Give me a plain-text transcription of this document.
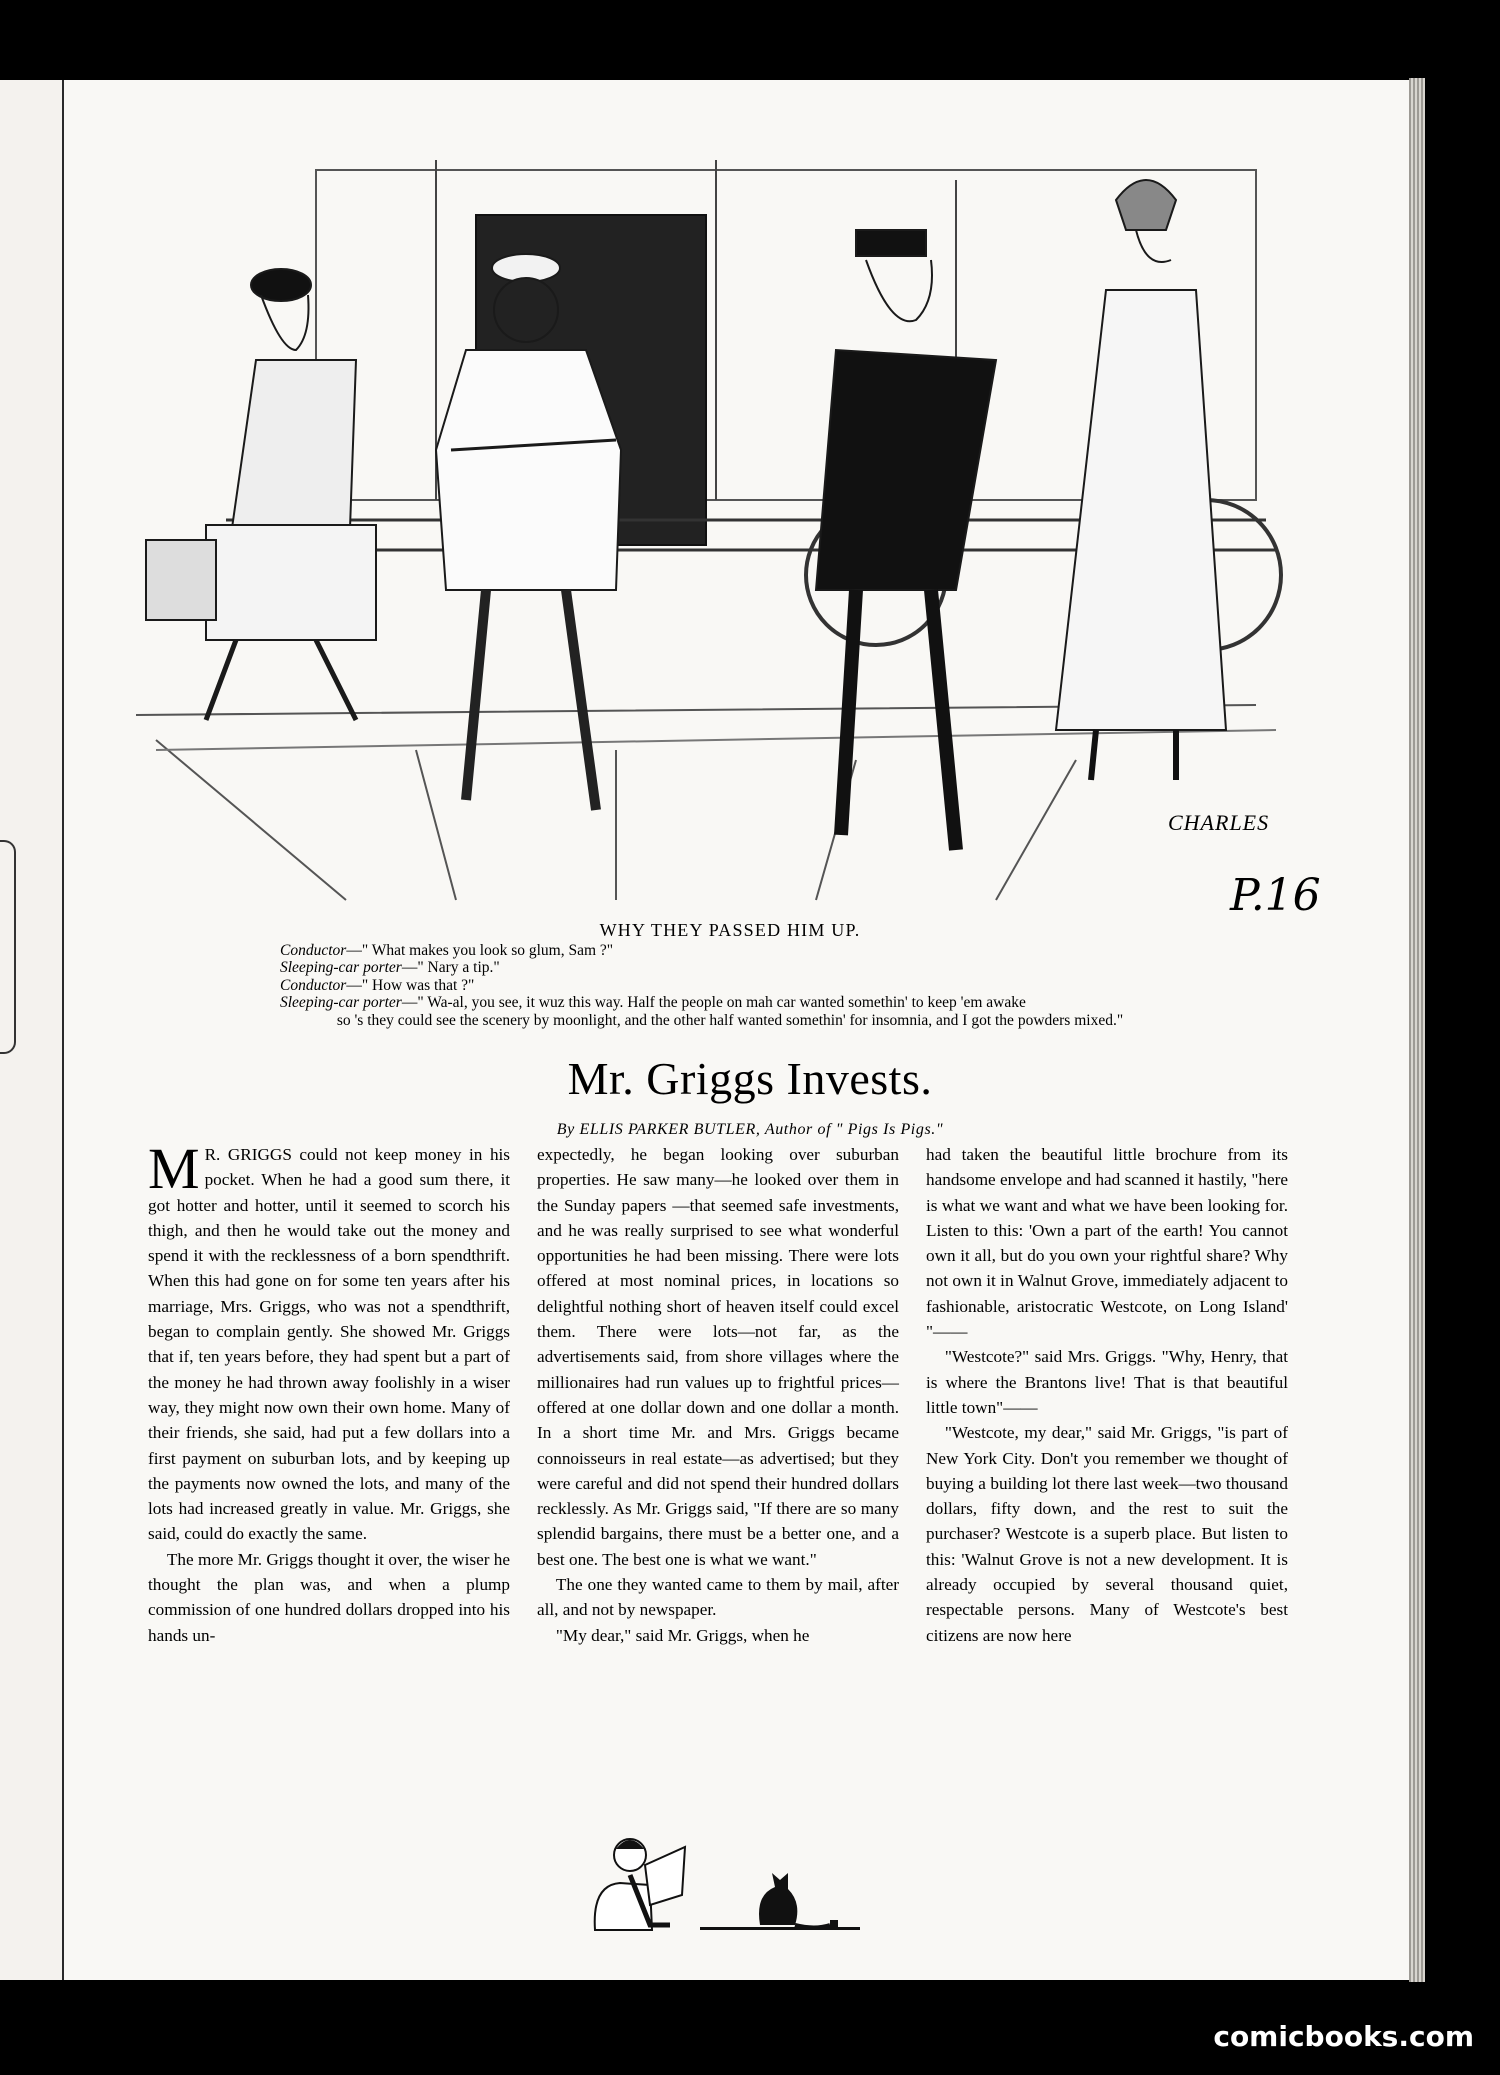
CHARLES
P.16
WHY THEY PASSED HIM UP.

Conductor—" What makes you look so glum, Sam ?"

Sleeping-car porter—" Nary a tip."

Conductor—" How was that ?"

Sleeping-car porter—" Wa-al, you see, it wuz this way. Half the people on mah car wanted somethin' to keep 'em awake

so 's they could see the scenery by moonlight, and the other half wanted somethin' for insomnia, and I got the powders mixed."

Mr. Griggs Invests.
By ELLIS PARKER BUTLER, Author of " Pigs Is Pigs."

M R. GRIGGS could not keep money in his pocket. When he had a good sum there, it got hotter and hotter, until it seemed to scorch his thigh, and then he would take out the money and spend it with the recklessness of a born spendthrift. When this had gone on for some ten years after his marriage, Mrs. Griggs, who was not a spendthrift, began to complain gently. She showed Mr. Griggs that if, ten years before, they had spent but a part of the money he had thrown away foolishly in a wiser way, they might now own their own home. Many of their friends, she said, had put a few dollars into a first payment on suburban lots, and by keeping up the payments now owned the lots, and many of the lots had increased greatly in value. Mr. Griggs, she said, could do exactly the same.

The more Mr. Griggs thought it over, the wiser he thought the plan was, and when a plump commission of one hundred dollars dropped into his hands un-

expectedly, he began looking over suburban properties. He saw many—he looked over them in the Sunday papers —that seemed safe investments, and he was really surprised to see what wonderful opportunities he had been missing. There were lots offered at most nominal prices, in locations so delightful nothing short of heaven itself could excel them. There were lots—not far, as the advertisements said, from shore villages where the millionaires had run values up to frightful prices—offered at one dollar down and one dollar a month. In a short time Mr. and Mrs. Griggs became connoisseurs in real estate—as advertised; but they were careful and did not spend their hundred dollars recklessly. As Mr. Griggs said, "If there are so many splendid bargains, there must be a better one, and a best one. The best one is what we want."

The one they wanted came to them by mail, after all, and not by newspaper.

"My dear," said Mr. Griggs, when he

had taken the beautiful little brochure from its handsome envelope and had scanned it hastily, "here is what we want and what we have been looking for. Listen to this: 'Own a part of the earth! You cannot own it all, but do you own your rightful share? Why not own it in Walnut Grove, immediately adjacent to fashionable, aristocratic Westcote, on Long Island' "——

"Westcote?" said Mrs. Griggs. "Why, Henry, that is where the Brantons live! That is that beautiful little town"——

"Westcote, my dear," said Mr. Griggs, "is part of New York City. Don't you remember we thought of buying a building lot there last week—two thousand dollars, fifty down, and the rest to suit the purchaser? Westcote is a superb place. But listen to this: 'Walnut Grove is not a new development. It is already occupied by several thousand quiet, respectable persons. Many of Westcote's best citizens are now here

comicbooks.com
